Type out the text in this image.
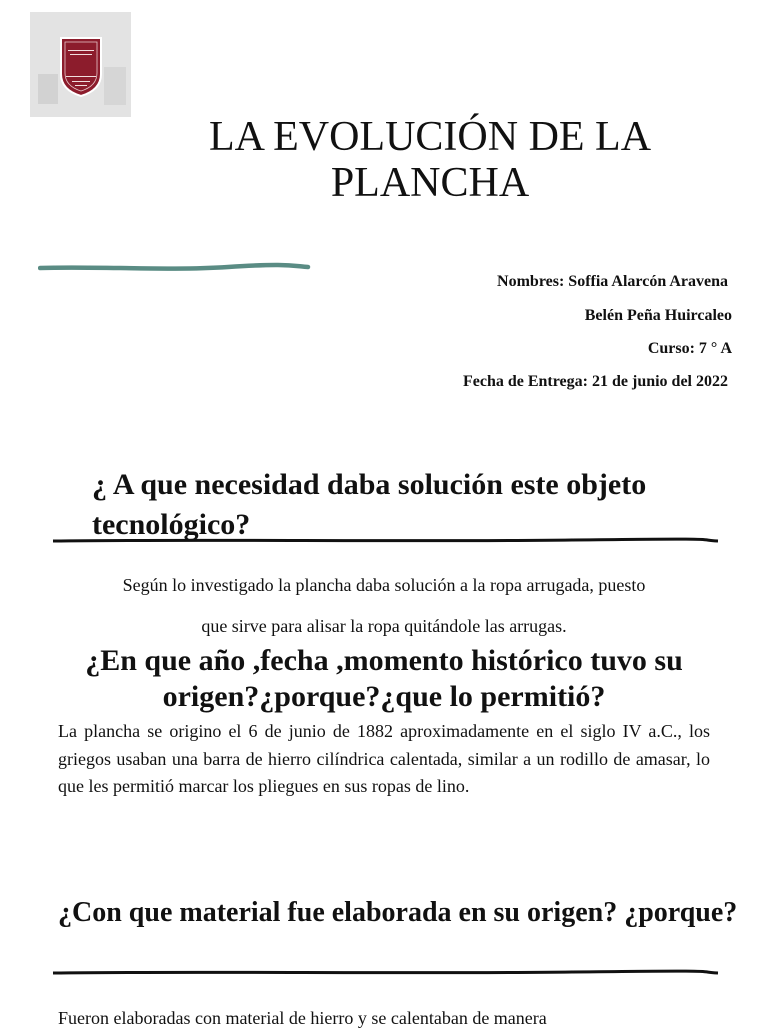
LA EVOLUCIÓN DE LA
PLANCHA
Nombres: Soffia Alarcón Aravena
Belén Peña Huircaleo
Curso: 7 ° A
Fecha de Entrega: 21 de junio del 2022
¿ A que necesidad daba solución este objeto tecnológico?

Según lo investigado la plancha daba solución a la ropa arrugada, puesto

que sirve para alisar la ropa quitándole las arrugas.

¿En que año ,fecha ,momento histórico tuvo su origen?¿porque?¿que lo permitió?

La plancha se origino el 6 de junio de 1882 aproximadamente en el siglo IV a.C., los griegos usaban una barra de hierro cilíndrica calentada, similar a un rodillo de amasar, lo que les permitió marcar los pliegues en sus ropas de lino.

¿Con que material fue elaborada en su origen? ¿porque?

Fueron elaboradas con material de hierro y se calentaban de manera
